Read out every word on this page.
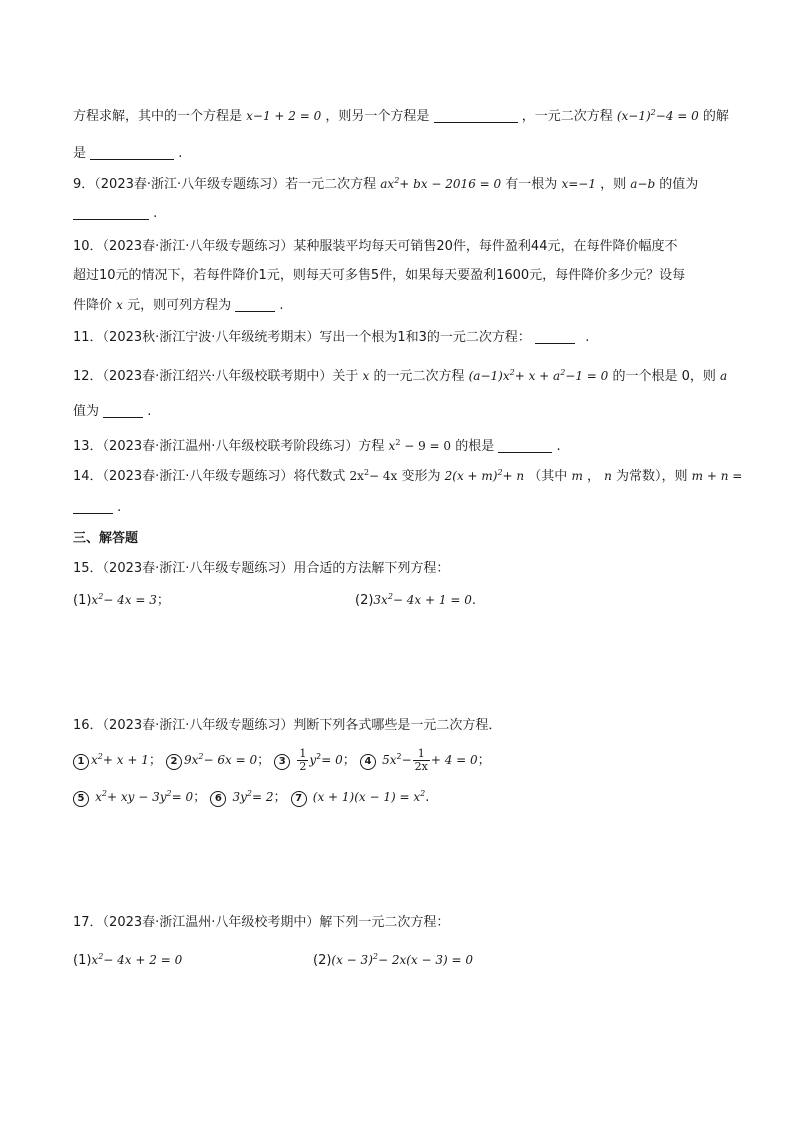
方程求解，其中的一个方程是 x−1 + 2 = 0 ，则另一个方程是	，一元二次方程 $(x-1)^2-4 = 0$ 的解
是	.
9．（2023春·浙江·八年级专题练习）若一元二次方程 $ax^2+$ bx − 2016 = 0 有一根为 x=−1 ，则 a−b 的值为
.
10．（2023春·浙江·八年级专题练习）某种服装平均每天可销售20件，每件盈利44元，在每件降价幅度不
超过10元的情况下，若每件降价1元，则每天可多售5件，如果每天要盈利1600元，每件降价多少元？设每
件降价 x 元，则可列方程为	.
11．（2023秋·浙江宁波·八年级统考期末）写出一个根为1和3的一元二次方程：	.
12．（2023春·浙江绍兴·八年级校联考期中）关于 x 的一元二次方程 $(a-1)x^2+ x + a^2-1 = 0$ 的一个根是 0，则 a
值为	.
13．（2023春·浙江温州·八年级校联考阶段练习）方程 $x^2 - 9 = 0$ 的根是	.
14．（2023春·浙江·八年级专题练习）将代数式 $2x^2- 4x$ 变形为 $2(x + m)^2+ n$ （其中 m ， n 为常数），则 m + n =
.
三、解答题
15．（2023春·浙江·八年级专题练习）用合适的方法解下列方程：
$(1)x^2- 4x = 3$；	$(2)3x^2- 4x + 1 = 0$.
16．（2023春·浙江·八年级专题练习）判断下列各式哪些是一元二次方程．
1 $x^2+ x + 1$； 2 $9x^2- 6x = 0$； $3 \frac{1}{2} y^2= 0$； 4 $5x^2- \frac{1}{2x} + 4 = 0$；
5 $x^2+$ xy − $3y^2= 0$； 6 $3y^2= 2$； 7 $(x + 1)(x - 1) = x^2$.
17．（2023春·浙江温州·八年级校考期中）解下列一元二次方程：
$(1)x^2- 4x + 2 = 0$	$(2)(x - 3)^2- 2x(x - 3) = 0$
